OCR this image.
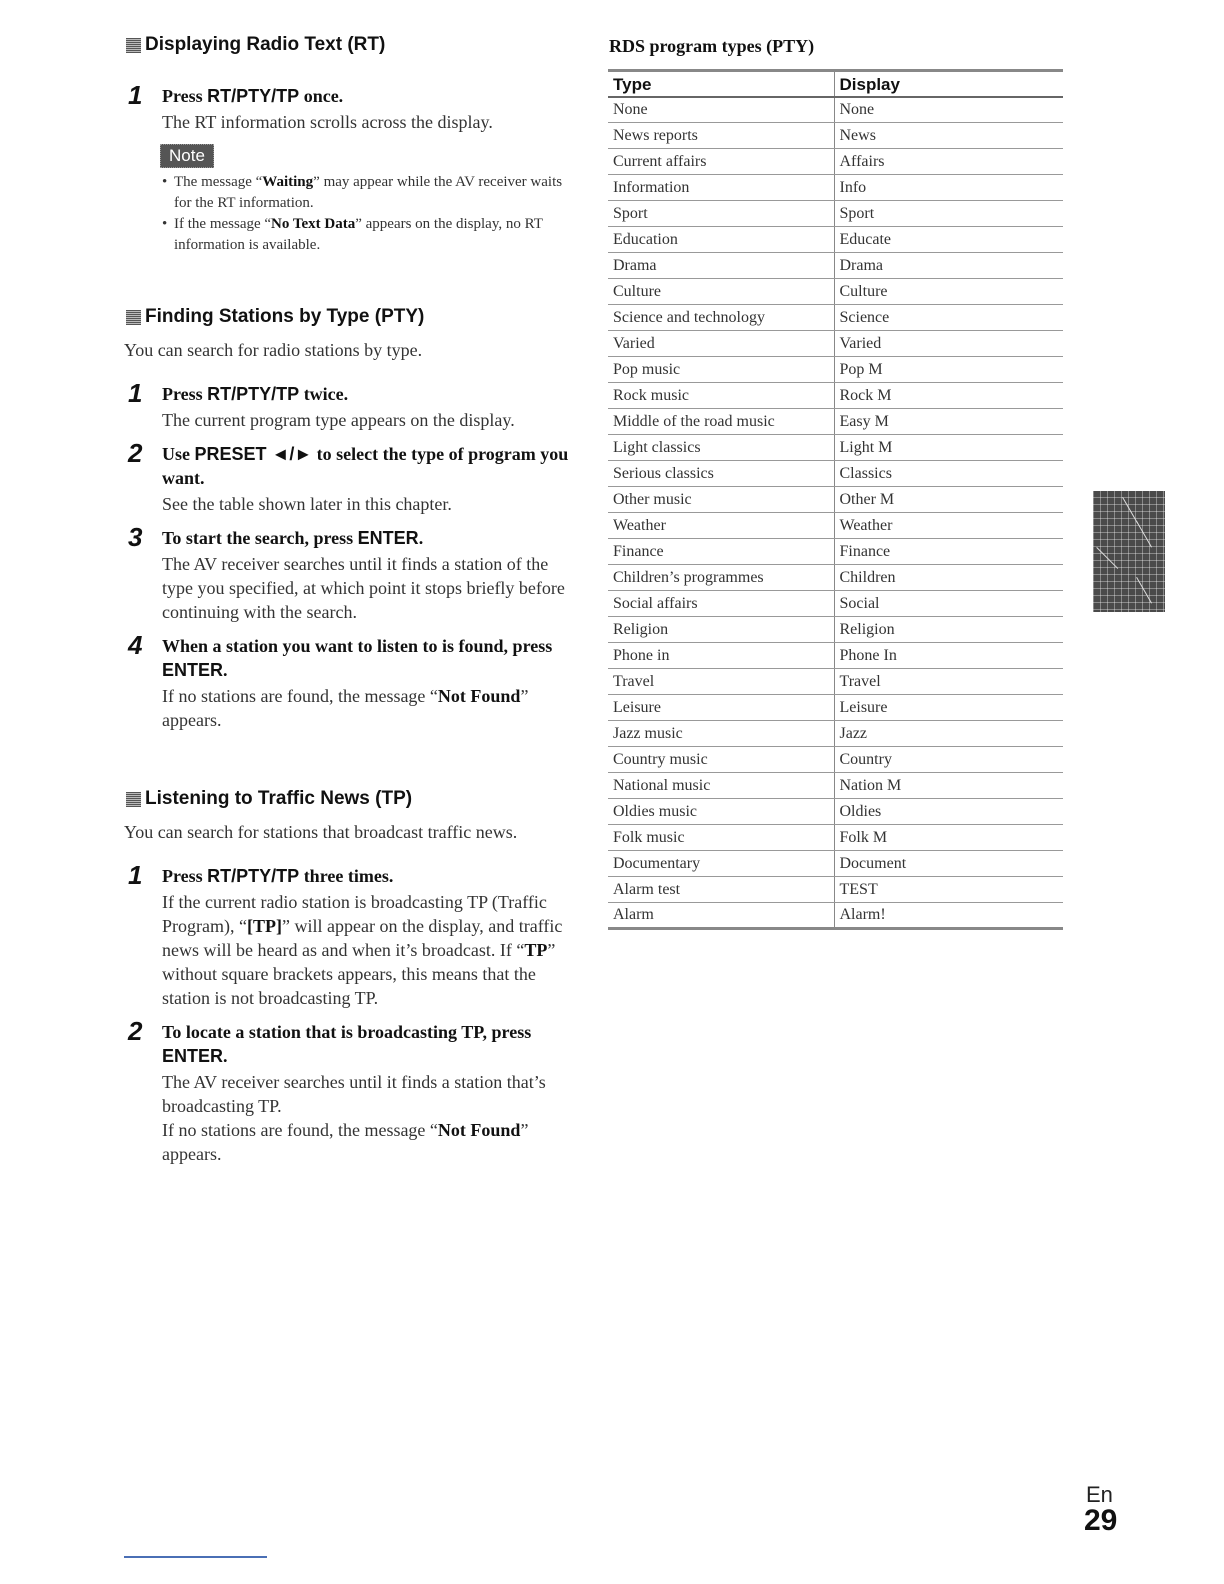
Displaying Radio Text (RT)
1 Press RT/PTY/TP once.
The RT information scrolls across the display.
Note
• The message “Waiting” may appear while the AV receiver waits for the RT information.
• If the message “No Text Data” appears on the display, no RT information is available.
Finding Stations by Type (PTY)
You can search for radio stations by type.
1 Press RT/PTY/TP twice.
The current program type appears on the display.
2 Use PRESET ◄/► to select the type of program you want.
See the table shown later in this chapter.
3 To start the search, press ENTER.
The AV receiver searches until it finds a station of the type you specified, at which point it stops briefly before continuing with the search.
4 When a station you want to listen to is found, press ENTER.
If no stations are found, the message “Not Found” appears.
Listening to Traffic News (TP)
You can search for stations that broadcast traffic news.
1 Press RT/PTY/TP three times.
If the current radio station is broadcasting TP (Traffic Program), “[TP]” will appear on the display, and traffic news will be heard as and when it’s broadcast. If “TP” without square brackets appears, this means that the station is not broadcasting TP.
2 To locate a station that is broadcasting TP, press ENTER.
The AV receiver searches until it finds a station that’s broadcasting TP.
If no stations are found, the message “Not Found” appears.
RDS program types (PTY)
Type	Display
None	None
News reports	News
Current affairs	Affairs
Information	Info
Sport	Sport
Education	Educate
Drama	Drama
Culture	Culture
Science and technology	Science
Varied	Varied
Pop music	Pop M
Rock music	Rock M
Middle of the road music	Easy M
Light classics	Light M
Serious classics	Classics
Other music	Other M
Weather	Weather
Finance	Finance
Children’s programmes	Children
Social affairs	Social
Religion	Religion
Phone in	Phone In
Travel	Travel
Leisure	Leisure
Jazz music	Jazz
Country music	Country
National music	Nation M
Oldies music	Oldies
Folk music	Folk M
Documentary	Document
Alarm test	TEST
Alarm	Alarm!
En
29
